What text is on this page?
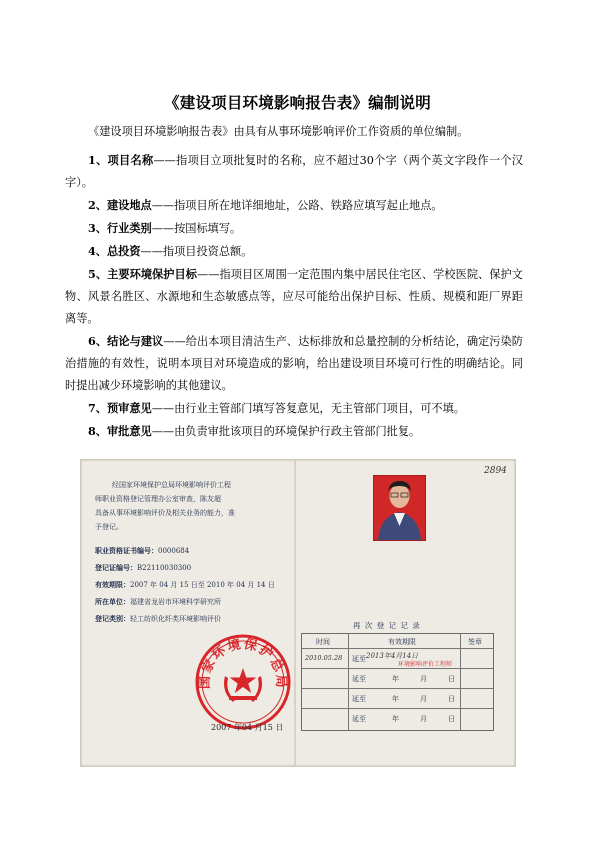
《建设项目环境影响报告表》编制说明
《建设项目环境影响报告表》由具有从事环境影响评价工作资质的单位编制。

1、项目名称——指项目立项批复时的名称，应不超过30个字（两个英文字段作一个汉字）。

2、建设地点——指项目所在地详细地址，公路、铁路应填写起止地点。

3、行业类别——按国标填写。

4、总投资——指项目投资总额。

5、主要环境保护目标——指项目区周围一定范围内集中居民住宅区、学校医院、保护文物、风景名胜区、水源地和生态敏感点等，应尽可能给出保护目标、性质、规模和距厂界距离等。

6、结论与建议——给出本项目清洁生产、达标排放和总量控制的分析结论，确定污染防治措施的有效性，说明本项目对环境造成的影响，给出建设项目环境可行性的明确结论。同时提出减少环境影响的其他建议。

7、预审意见——由行业主管部门填写答复意见，无主管部门项目，可不填。

8、审批意见——由负责审批该项目的环境保护行政主管部门批复。

经国家环境保护总局环境影响评价工程
师职业资格登记管理办公室审查，陈友超
具备从事环境影响评价及相关业务的能力，准
予登记。
职业资格证书编号：0000684
登记证编号：B22110030300
有效期限：2007 年 04 月 15 日至 2010 年 04 月 14 日
所在单位：福建省龙岩市环境科学研究所
登记类别：轻工纺织化纤类环境影响评价
国家环境保护总局
2007 年04 月15 日
2894
再 次 登 记 记 录
时间	有效期限	签章
2010.05.28 延至 2013年4月14日
环境影响评价工程师
延至	年	月	日
延至	年	月	日
延至	年	月	日
